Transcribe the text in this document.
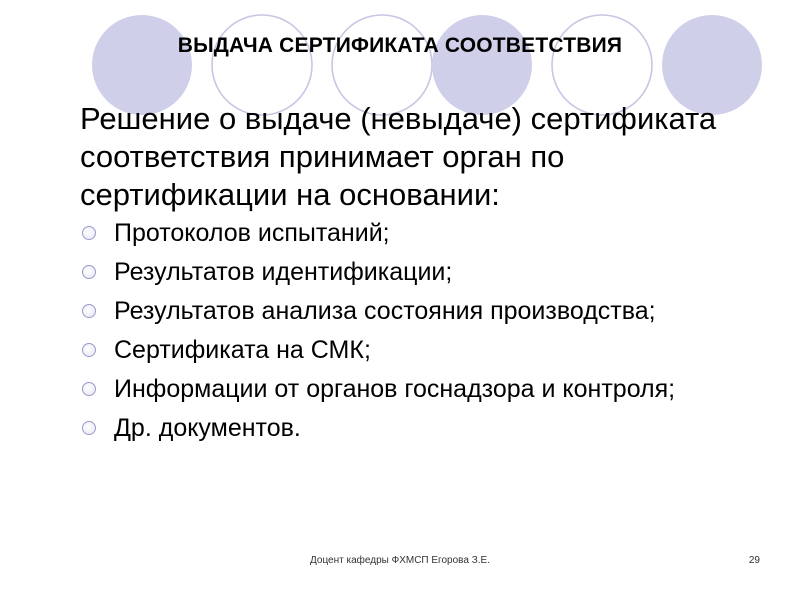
ВЫДАЧА СЕРТИФИКАТА СООТВЕТСТВИЯ
Решение о выдаче (невыдаче) сертификата соответствия принимает орган по сертификации на основании:
Протоколов испытаний;
Результатов идентификации;
Результатов анализа состояния производства;
Сертификата на СМК;
Информации от органов госнадзора и контроля;
Др. документов.
Доцент кафедры ФХМСП Егорова З.Е.	29
